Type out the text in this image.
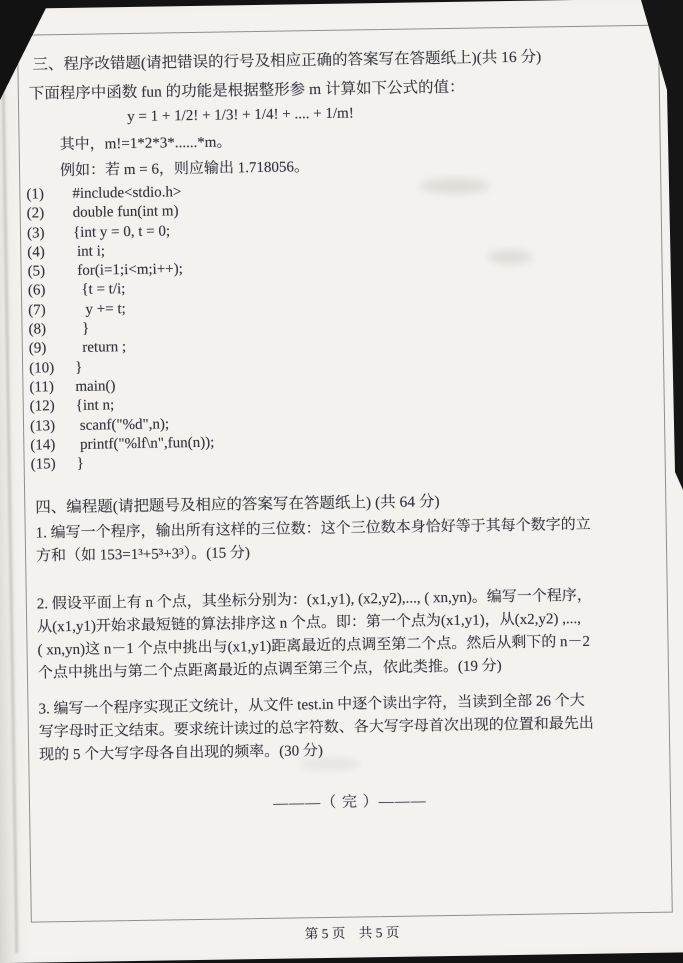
三、程序改错题(请把错误的行号及相应正确的答案写在答题纸上)(共 16 分)
下面程序中函数 fun 的功能是根据整形参 m 计算如下公式的值：
y = 1 + 1/2! + 1/3! + 1/4! + .... + 1/m!
其中，m!=1*2*3*......*m。
例如：若 m = 6，则应输出 1.718056。
(1)	#include<stdio.h>
(2)	double fun(int m)
(3)	{int y = 0, t = 0;
(4)	int i;
(5)	for(i=1;i<m;i++);
(6)	{t = t/i;
(7)	y += t;
(8)	}
(9)	return ;
(10)	}
(11)	main()
(12)	{int n;
(13)	scanf("%d",n);
(14)	printf("%lf\n",fun(n));
(15)	}
四、编程题(请把题号及相应的答案写在答题纸上) (共 64 分)
1. 编写一个程序，输出所有这样的三位数：这个三位数本身恰好等于其每个数字的立
方和（如 153=1³+5³+3³）。(15 分)
2. 假设平面上有 n 个点，其坐标分别为：(x1,y1), (x2,y2),..., ( xn,yn)。编写一个程序，
从(x1,y1)开始求最短链的算法排序这 n 个点。即：第一个点为(x1,y1)，从(x2,y2) ,...,
( xn,yn)这 n－1 个点中挑出与(x1,y1)距离最近的点调至第二个点。然后从剩下的 n－2
个点中挑出与第二个点距离最近的点调至第三个点，依此类推。(19 分)
3. 编写一个程序实现正文统计，从文件 test.in 中逐个读出字符，当读到全部 26 个大
写字母时正文结束。要求统计读过的总字符数、各大写字母首次出现的位置和最先出
现的 5 个大写字母各自出现的频率。(30 分)
———（ 完 ）———
第 5 页　共 5 页
